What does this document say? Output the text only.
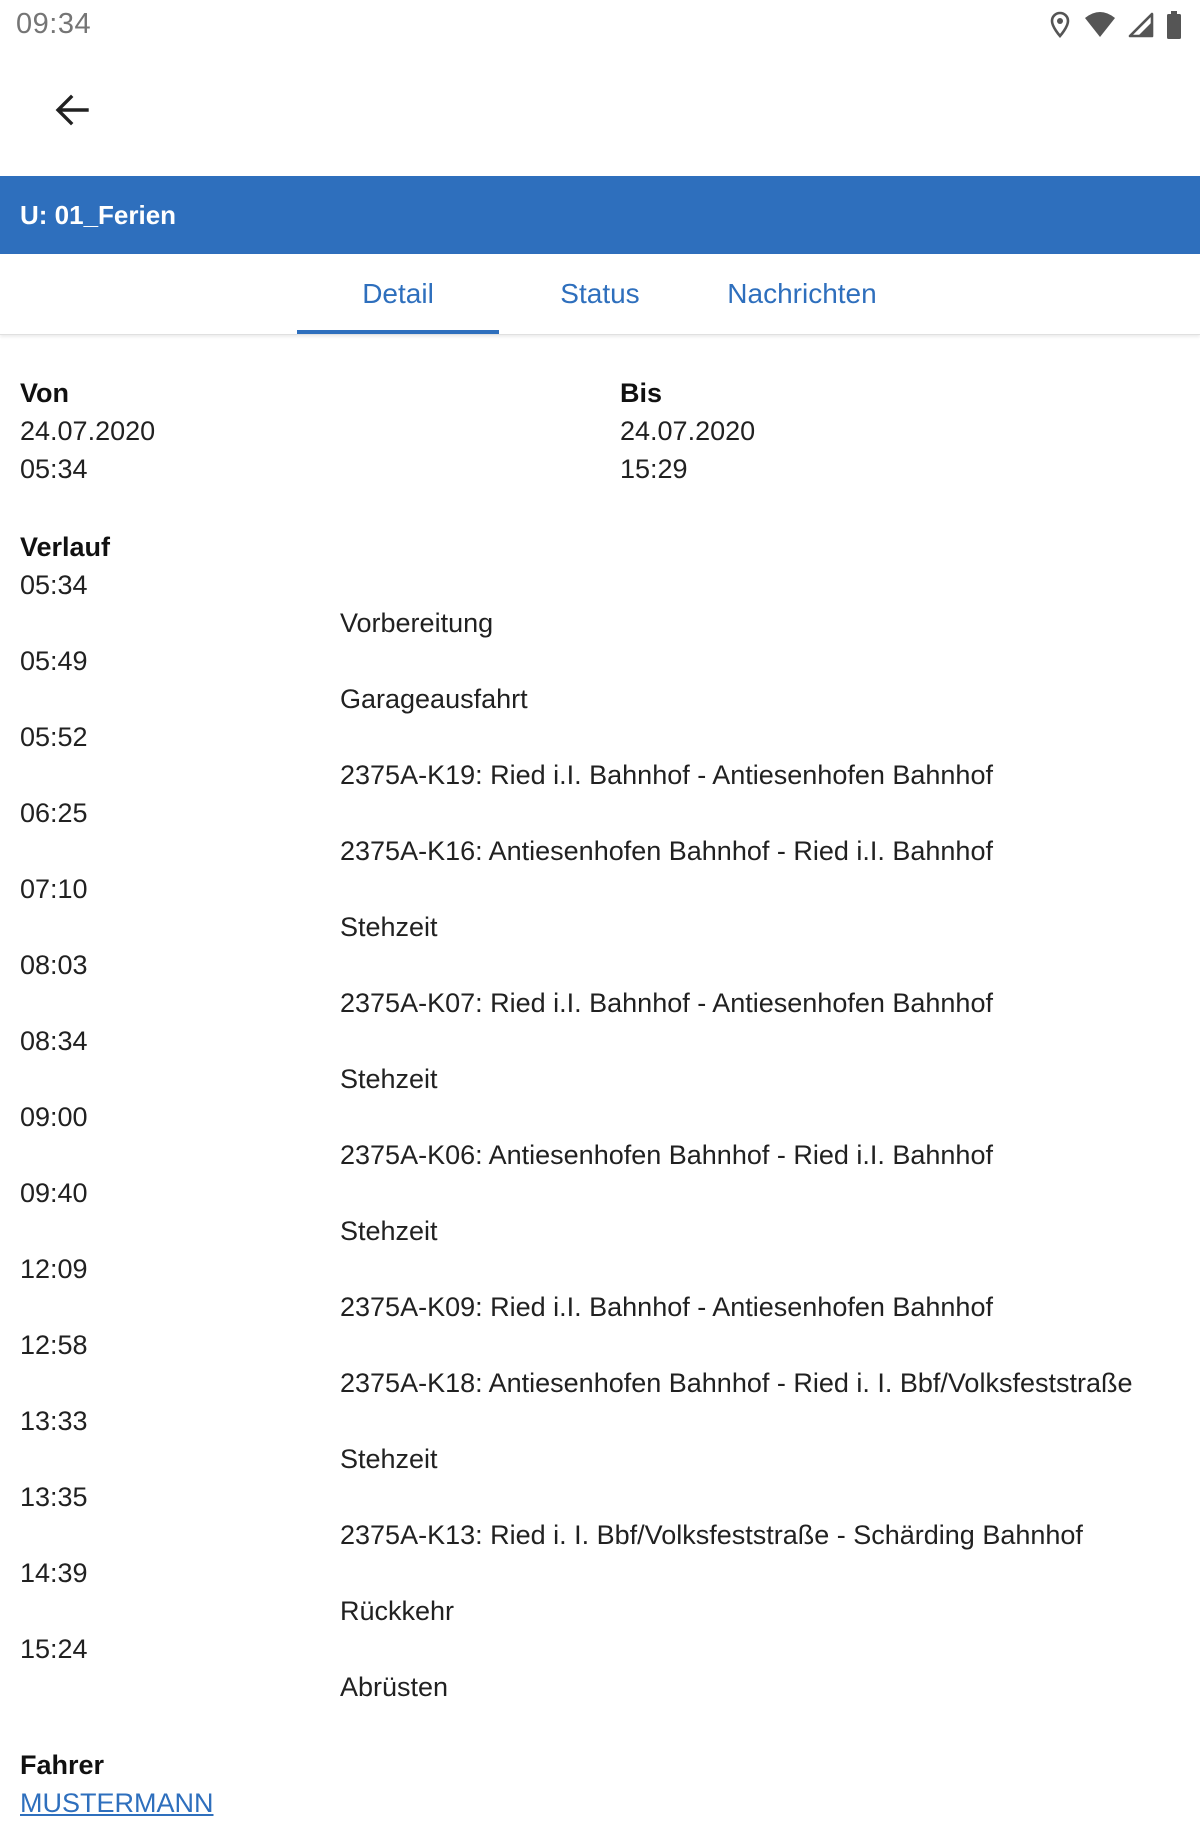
09:34
U: 01_Ferien
Detail	Status	Nachrichten
Von
24.07.2020
05:34
Bis
24.07.2020
15:29
Verlauf
05:34
Vorbereitung
05:49
Garageausfahrt
05:52
2375A-K19: Ried i.I. Bahnhof - Antiesenhofen Bahnhof
06:25
2375A-K16: Antiesenhofen Bahnhof - Ried i.I. Bahnhof
07:10
Stehzeit
08:03
2375A-K07: Ried i.I. Bahnhof - Antiesenhofen Bahnhof
08:34
Stehzeit
09:00
2375A-K06: Antiesenhofen Bahnhof - Ried i.I. Bahnhof
09:40
Stehzeit
12:09
2375A-K09: Ried i.I. Bahnhof - Antiesenhofen Bahnhof
12:58
2375A-K18: Antiesenhofen Bahnhof - Ried i. I. Bbf/Volksfeststraße
13:33
Stehzeit
13:35
2375A-K13: Ried i. I. Bbf/Volksfeststraße - Schärding Bahnhof
14:39
Rückkehr
15:24
Abrüsten
Fahrer
MUSTERMANN
